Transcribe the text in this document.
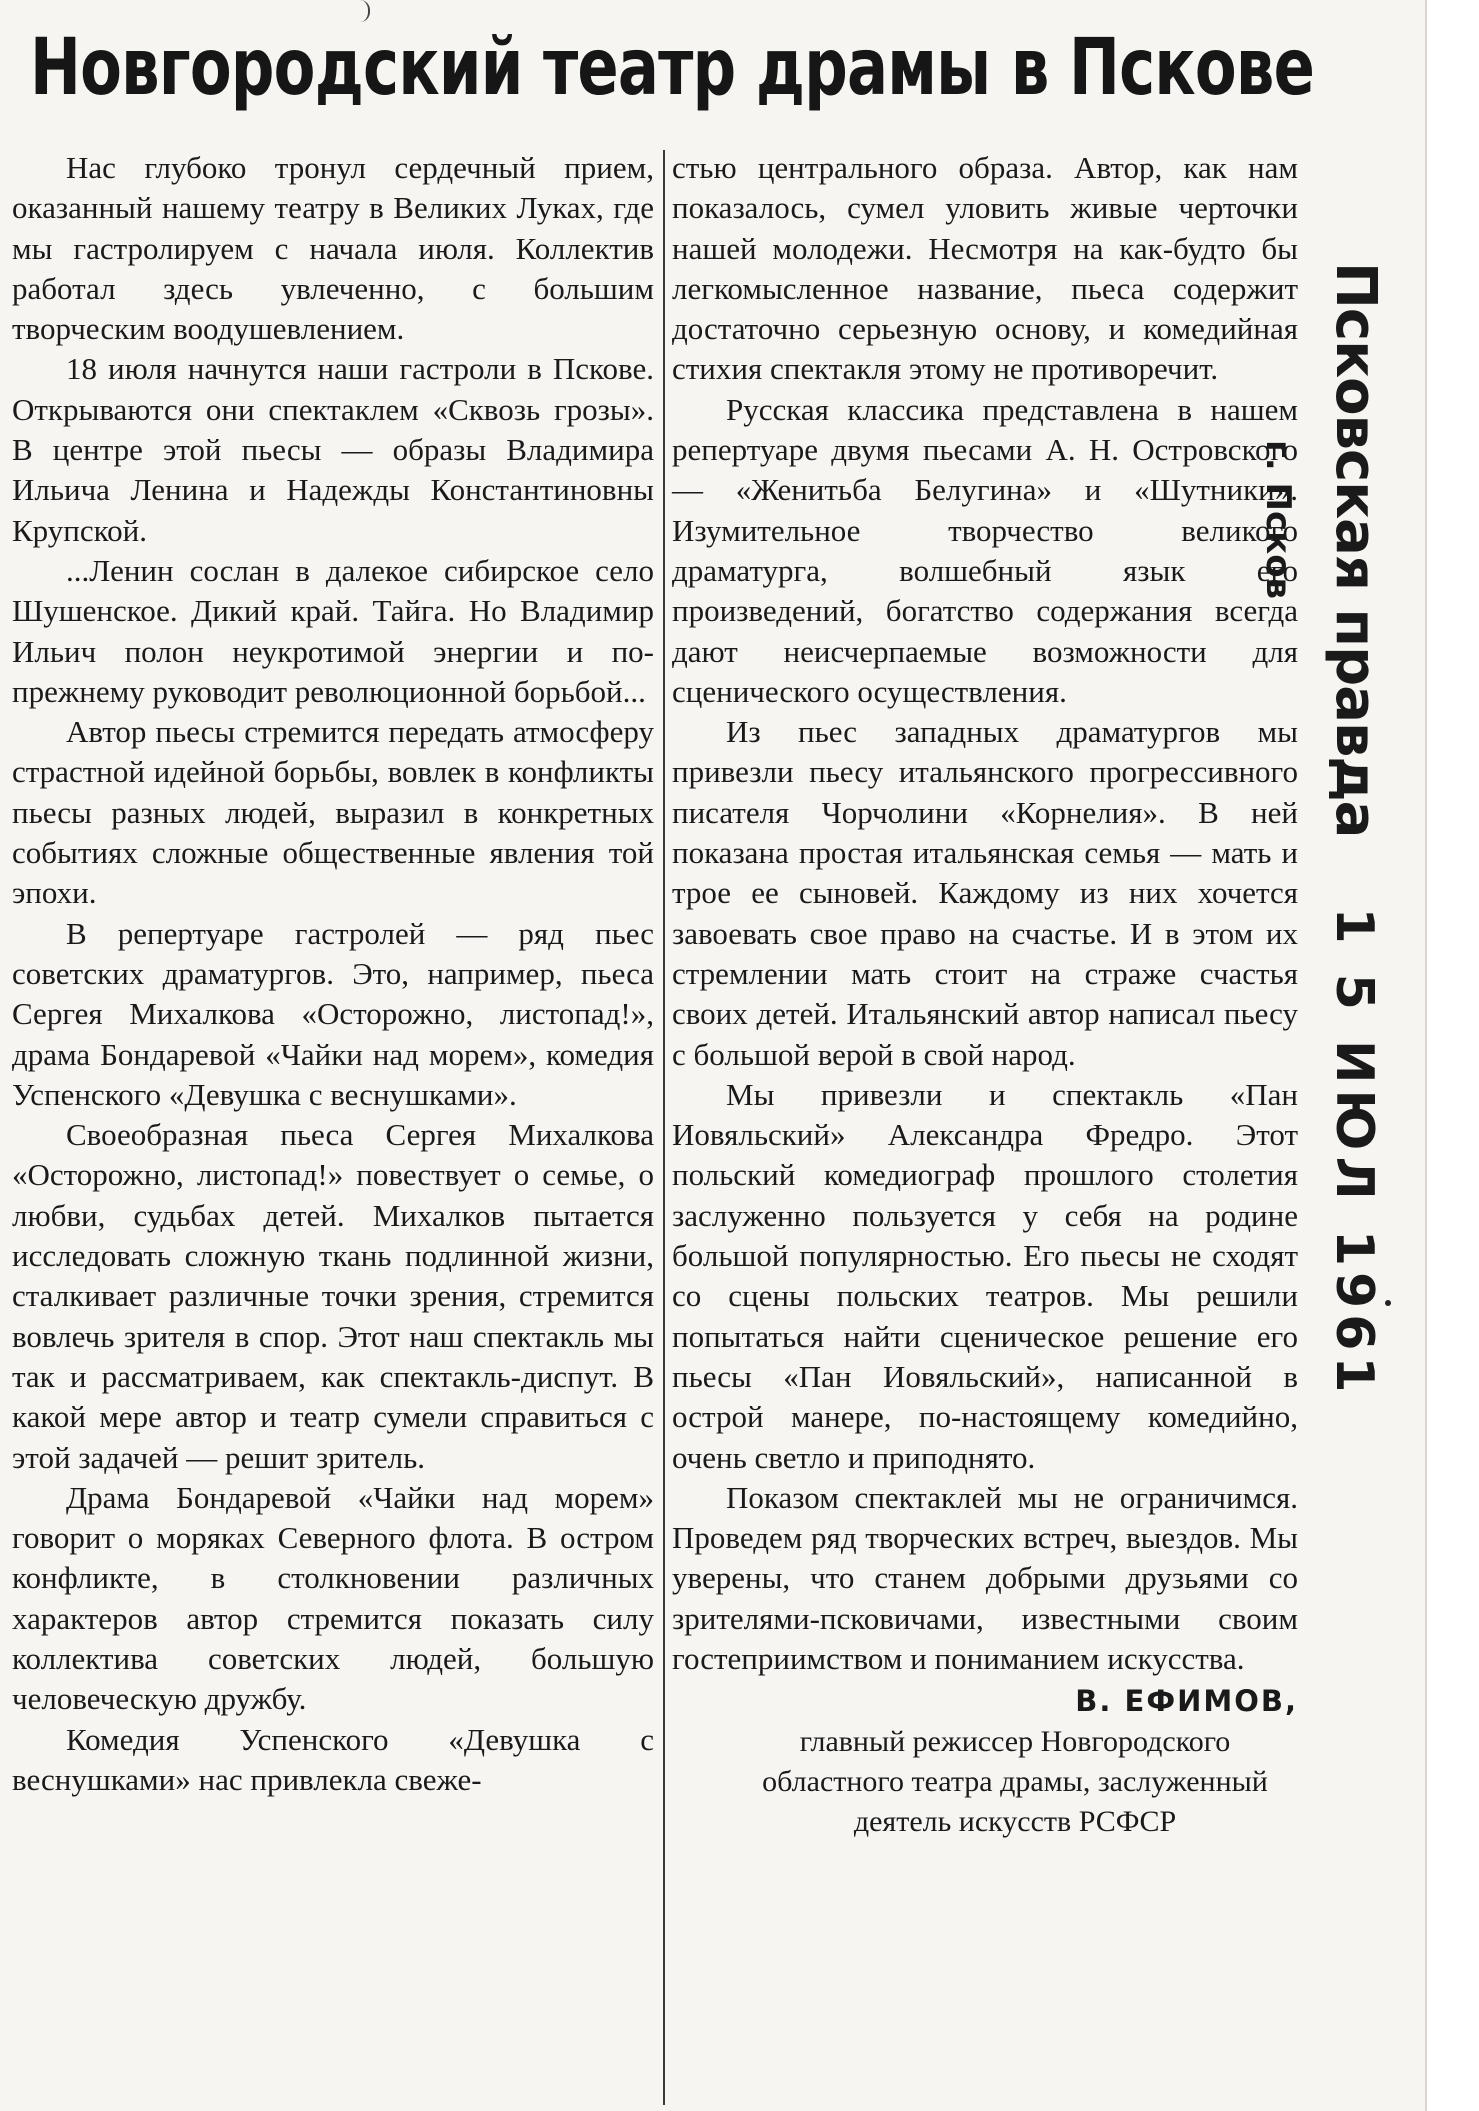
Новгородский театр драмы в Пскове

Нас глубоко тронул сердечный прием, оказанный нашему театру в Великих Луках, где мы гастролируем с начала июля. Коллектив работал здесь увлеченно, с большим творческим воодушевлением.

18 июля начнутся наши гастроли в Пскове. Открываются они спектаклем «Сквозь грозы». В центре этой пьесы — образы Владимира Ильича Ленина и Надежды Константиновны Крупской.

...Ленин сослан в далекое сибирское село Шушенское. Дикий край. Тайга. Но Владимир Ильич полон неукротимой энергии и по-прежнему руководит революционной борьбой...

Автор пьесы стремится передать атмосферу страстной идейной борьбы, вовлек в конфликты пьесы разных людей, выразил в конкретных событиях сложные общественные явления той эпохи.

В репертуаре гастролей — ряд пьес советских драматургов. Это, например, пьеса Сергея Михалкова «Осторожно, листопад!», драма Бондаревой «Чайки над морем», комедия Успенского «Девушка с веснушками».

Своеобразная пьеса Сергея Михалкова «Осторожно, листопад!» повествует о семье, о любви, судьбах детей. Михалков пытается исследовать сложную ткань подлинной жизни, сталкивает различные точки зрения, стремится вовлечь зрителя в спор. Этот наш спектакль мы так и рассматриваем, как спектакль-диспут. В какой мере автор и театр сумели справиться с этой задачей — решит зритель.

Драма Бондаревой «Чайки над морем» говорит о моряках Северного флота. В остром конфликте, в столкновении различных характеров автор стремится показать силу коллектива советских людей, большую человеческую дружбу.

Комедия Успенского «Девушка с веснушками» нас привлекла свеже-

стью центрального образа. Автор, как нам показалось, сумел уловить живые черточки нашей молодежи. Несмотря на как-будто бы легкомысленное название, пьеса содержит достаточно серьезную основу, и комедийная стихия спектакля этому не противоречит.

Русская классика представлена в нашем репертуаре двумя пьесами А. Н. Островского — «Женитьба Белугина» и «Шутники». Изумительное творчество великого драматурга, волшебный язык его произведений, богатство содержания всегда дают неисчерпаемые возможности для сценического осуществления.

Из пьес западных драматургов мы привезли пьесу итальянского прогрессивного писателя Чорчолини «Корнелия». В ней показана простая итальянская семья — мать и трое ее сыновей. Каждому из них хочется завоевать свое право на счастье. И в этом их стремлении мать стоит на страже счастья своих детей. Итальянский автор написал пьесу с большой верой в свой народ.

Мы привезли и спектакль «Пан Иовяльский» Александра Фредро. Этот польский комедиограф прошлого столетия заслуженно пользуется у себя на родине большой популярностью. Его пьесы не сходят со сцены польских театров. Мы решили попытаться найти сценическое решение его пьесы «Пан Иовяльский», написанной в острой манере, по-настоящему комедийно, очень светло и приподнято.

Показом спектаклей мы не ограничимся. Проведем ряд творческих встреч, выездов. Мы уверены, что станем добрыми друзьями со зрителями-псковичами, известными своим гостеприимством и пониманием искусства.

В. ЕФИМОВ,

главный режиссер Новгородского областного театра драмы, заслуженный деятель искусств РСФСР

Псковская правда
1 5 ИЮЛ 1961
г. Псков
